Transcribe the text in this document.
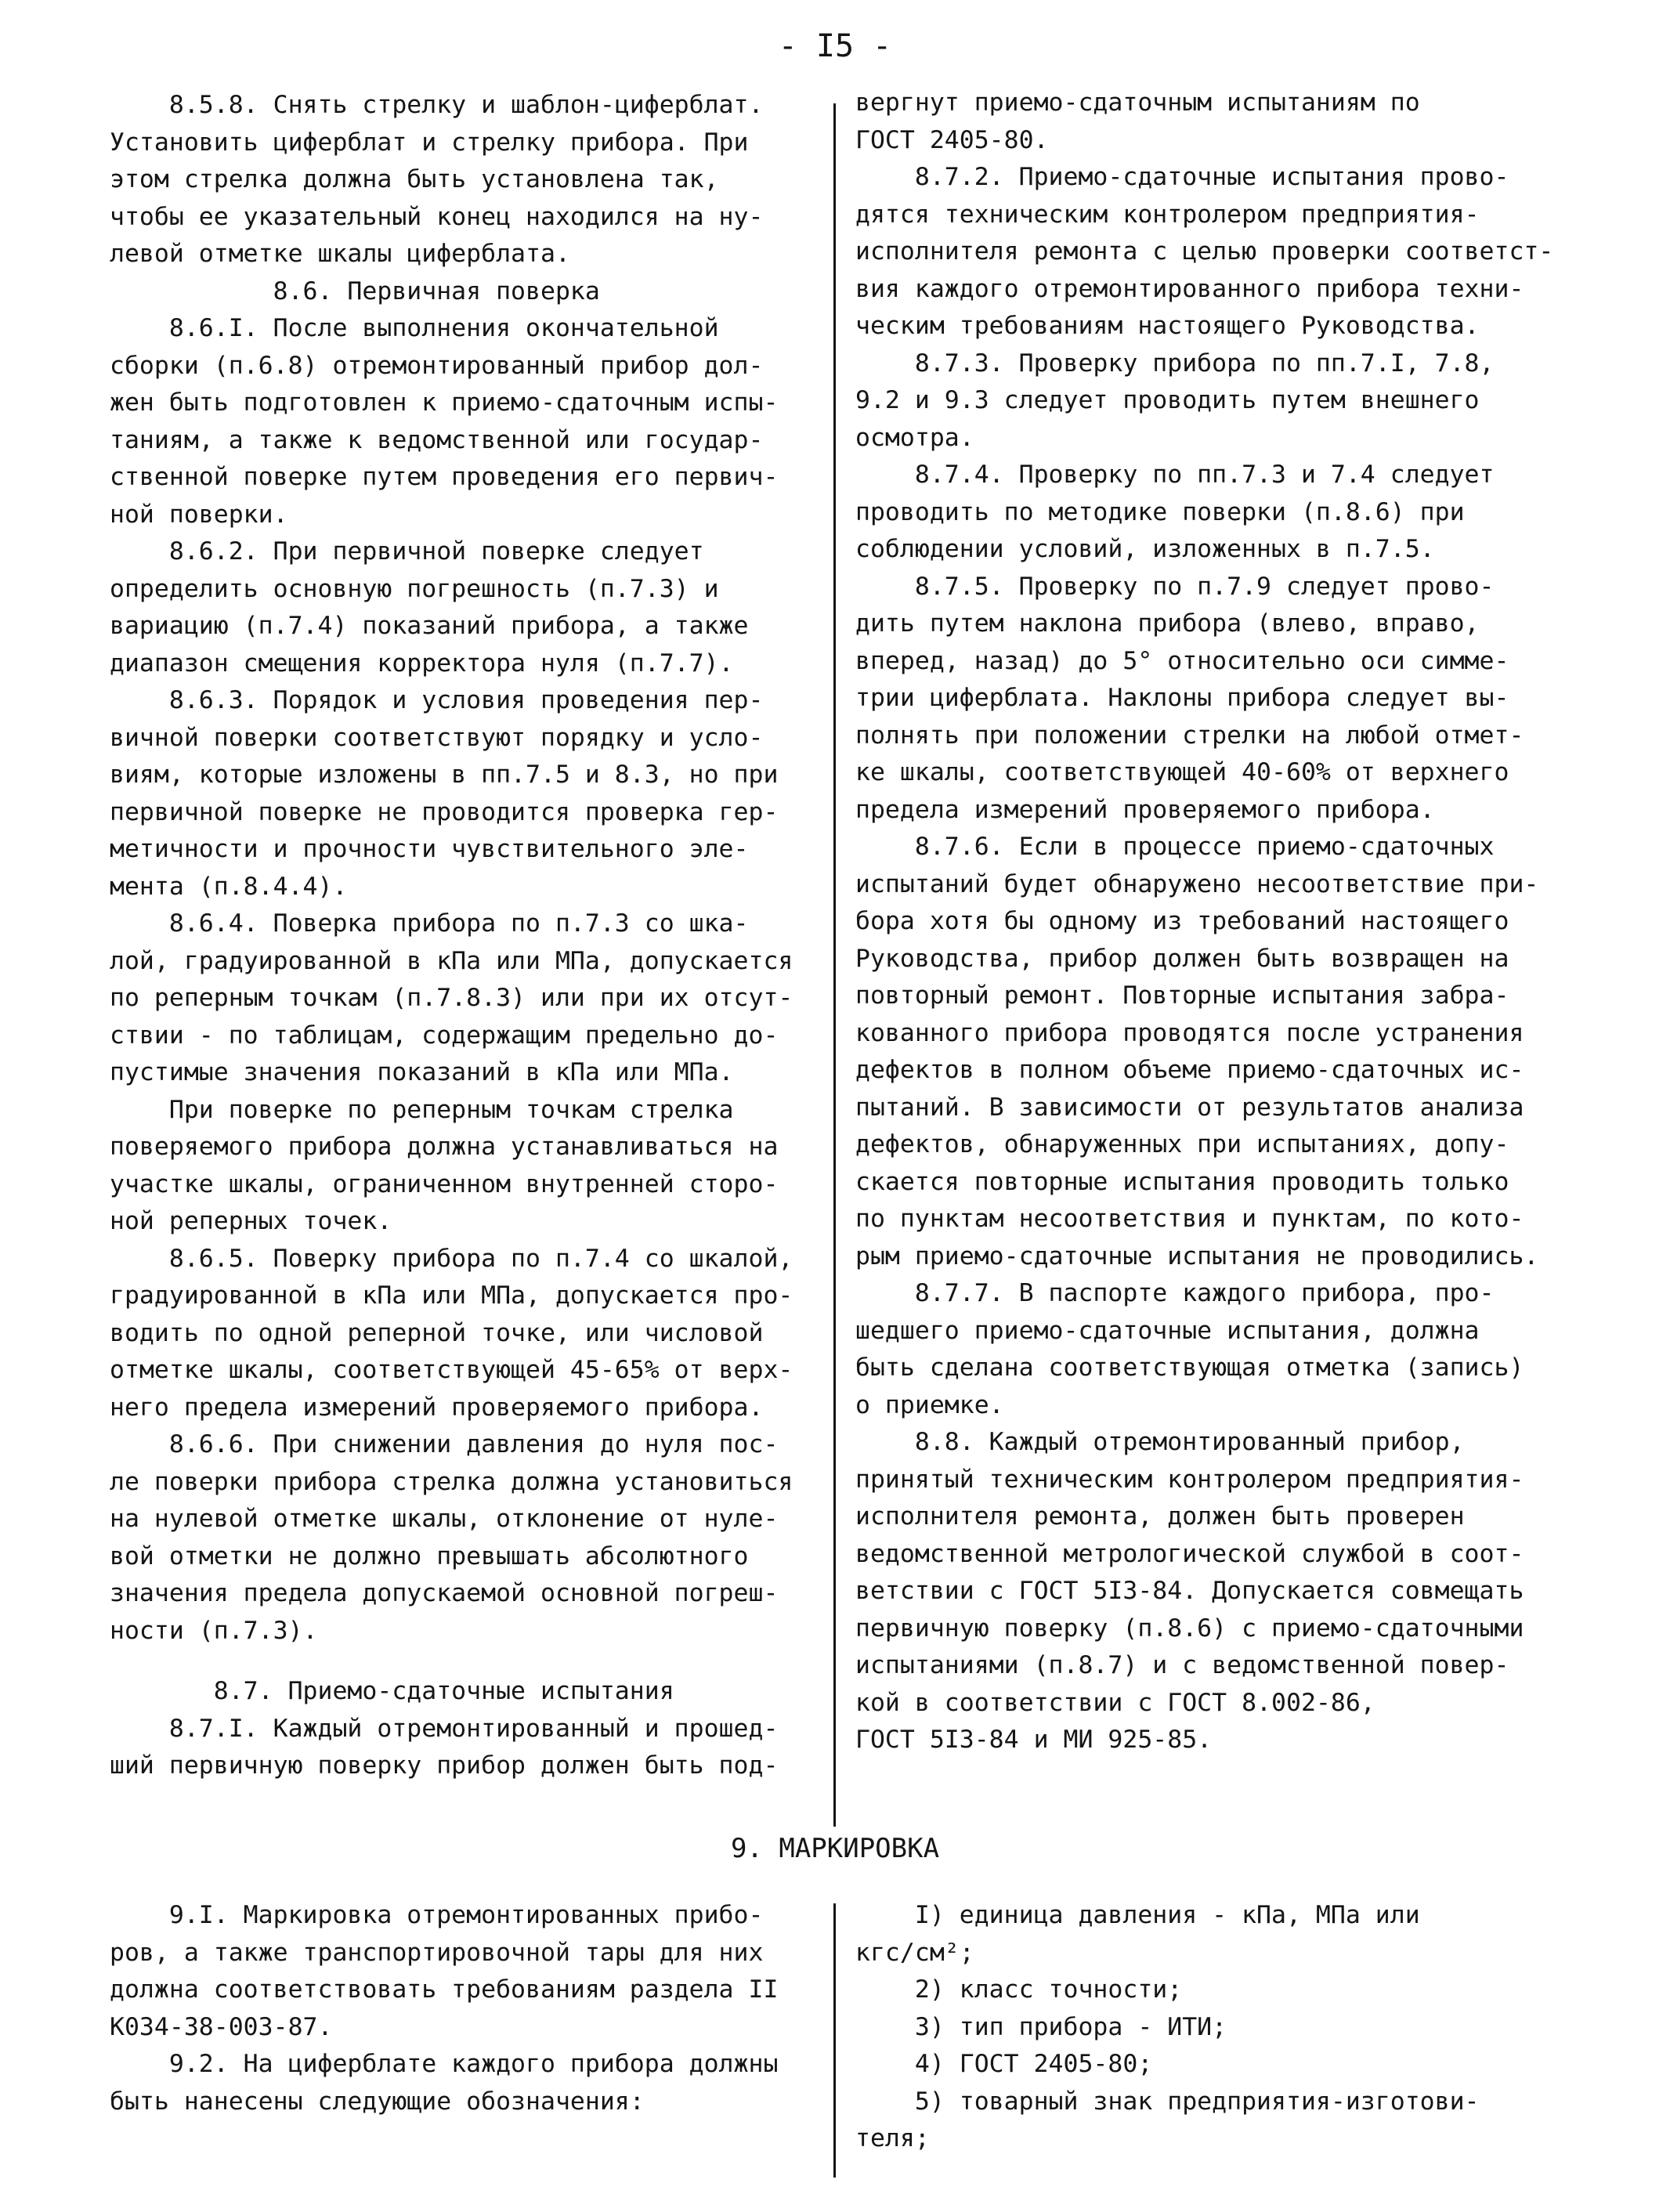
- I5 -

8.5.8. Снять стрелку и шаблон-циферблат.

Установить циферблат и стрелку прибора. При

этом стрелка должна быть установлена так,

чтобы ее указательный конец находился на ну-

левой отметке шкалы циферблата.

8.6. Первичная поверка

8.6.I. После выполнения окончательной

сборки (п.6.8) отремонтированный прибор дол-

жен быть подготовлен к приемо-сдаточным испы-

таниям, а также к ведомственной или государ-

ственной поверке путем проведения его первич-

ной поверки.

8.6.2. При первичной поверке следует

определить основную погрешность (п.7.3) и

вариацию (п.7.4) показаний прибора, а также

диапазон смещения корректора нуля (п.7.7).

8.6.3. Порядок и условия проведения пер-

вичной поверки соответствуют порядку и усло-

виям, которые изложены в пп.7.5 и 8.3, но при

первичной поверке не проводится проверка гер-

метичности и прочности чувствительного эле-

мента (п.8.4.4).

8.6.4. Поверка прибора по п.7.3 со шка-

лой, градуированной в кПа или МПа, допускается

по реперным точкам (п.7.8.3) или при их отсут-

ствии - по таблицам, содержащим предельно до-

пустимые значения показаний в кПа или МПа.

При поверке по реперным точкам стрелка

поверяемого прибора должна устанавливаться на

участке шкалы, ограниченном внутренней сторо-

ной реперных точек.

8.6.5. Поверку прибора по п.7.4 со шкалой,

градуированной в кПа или МПа, допускается про-

водить по одной реперной точке, или числовой

отметке шкалы, соответствующей 45-65% от верх-

него предела измерений проверяемого прибора.

8.6.6. При снижении давления до нуля пос-

ле поверки прибора стрелка должна установиться

на нулевой отметке шкалы, отклонение от нуле-

вой отметки не должно превышать абсолютного

значения предела допускаемой основной погреш-

ности (п.7.3).

8.7. Приемо-сдаточные испытания

8.7.I. Каждый отремонтированный и прошед-

ший первичную поверку прибор должен быть под-

вергнут приемо-сдаточным испытаниям по

ГОСТ 2405-80.

8.7.2. Приемо-сдаточные испытания прово-

дятся техническим контролером предприятия-

исполнителя ремонта с целью проверки соответст-

вия каждого отремонтированного прибора техни-

ческим требованиям настоящего Руководства.

8.7.3. Проверку прибора по пп.7.I, 7.8,

9.2 и 9.3 следует проводить путем внешнего

осмотра.

8.7.4. Проверку по пп.7.3 и 7.4 следует

проводить по методике поверки (п.8.6) при

соблюдении условий, изложенных в п.7.5.

8.7.5. Проверку по п.7.9 следует прово-

дить путем наклона прибора (влево, вправо,

вперед, назад) до 5° относительно оси симме-

трии циферблата. Наклоны прибора следует вы-

полнять при положении стрелки на любой отмет-

ке шкалы, соответствующей 40-60% от верхнего

предела измерений проверяемого прибора.

8.7.6. Если в процессе приемо-сдаточных

испытаний будет обнаружено несоответствие при-

бора хотя бы одному из требований настоящего

Руководства, прибор должен быть возвращен на

повторный ремонт. Повторные испытания забра-

кованного прибора проводятся после устранения

дефектов в полном объеме приемо-сдаточных ис-

пытаний. В зависимости от результатов анализа

дефектов, обнаруженных при испытаниях, допу-

скается повторные испытания проводить только

по пунктам несоответствия и пунктам, по кото-

рым приемо-сдаточные испытания не проводились.

8.7.7. В паспорте каждого прибора, про-

шедшего приемо-сдаточные испытания, должна

быть сделана соответствующая отметка (запись)

о приемке.

8.8. Каждый отремонтированный прибор,

принятый техническим контролером предприятия-

исполнителя ремонта, должен быть проверен

ведомственной метрологической службой в соот-

ветствии с ГОСТ 5I3-84. Допускается совмещать

первичную поверку (п.8.6) с приемо-сдаточными

испытаниями (п.8.7) и с ведомственной повер-

кой в соответствии с ГОСТ 8.002-86,

ГОСТ 5I3-84 и МИ 925-85.

9. МАРКИРОВКА

9.I. Маркировка отремонтированных прибо-

ров, а также транспортировочной тары для них

должна соответствовать требованиям раздела II

К034-38-003-87.

9.2. На циферблате каждого прибора должны

быть нанесены следующие обозначения:

I) единица давления - кПа, МПа или

кгс/см²;

2) класс точности;

3) тип прибора - ИТИ;

4) ГОСТ 2405-80;

5) товарный знак предприятия-изготови-

теля;
